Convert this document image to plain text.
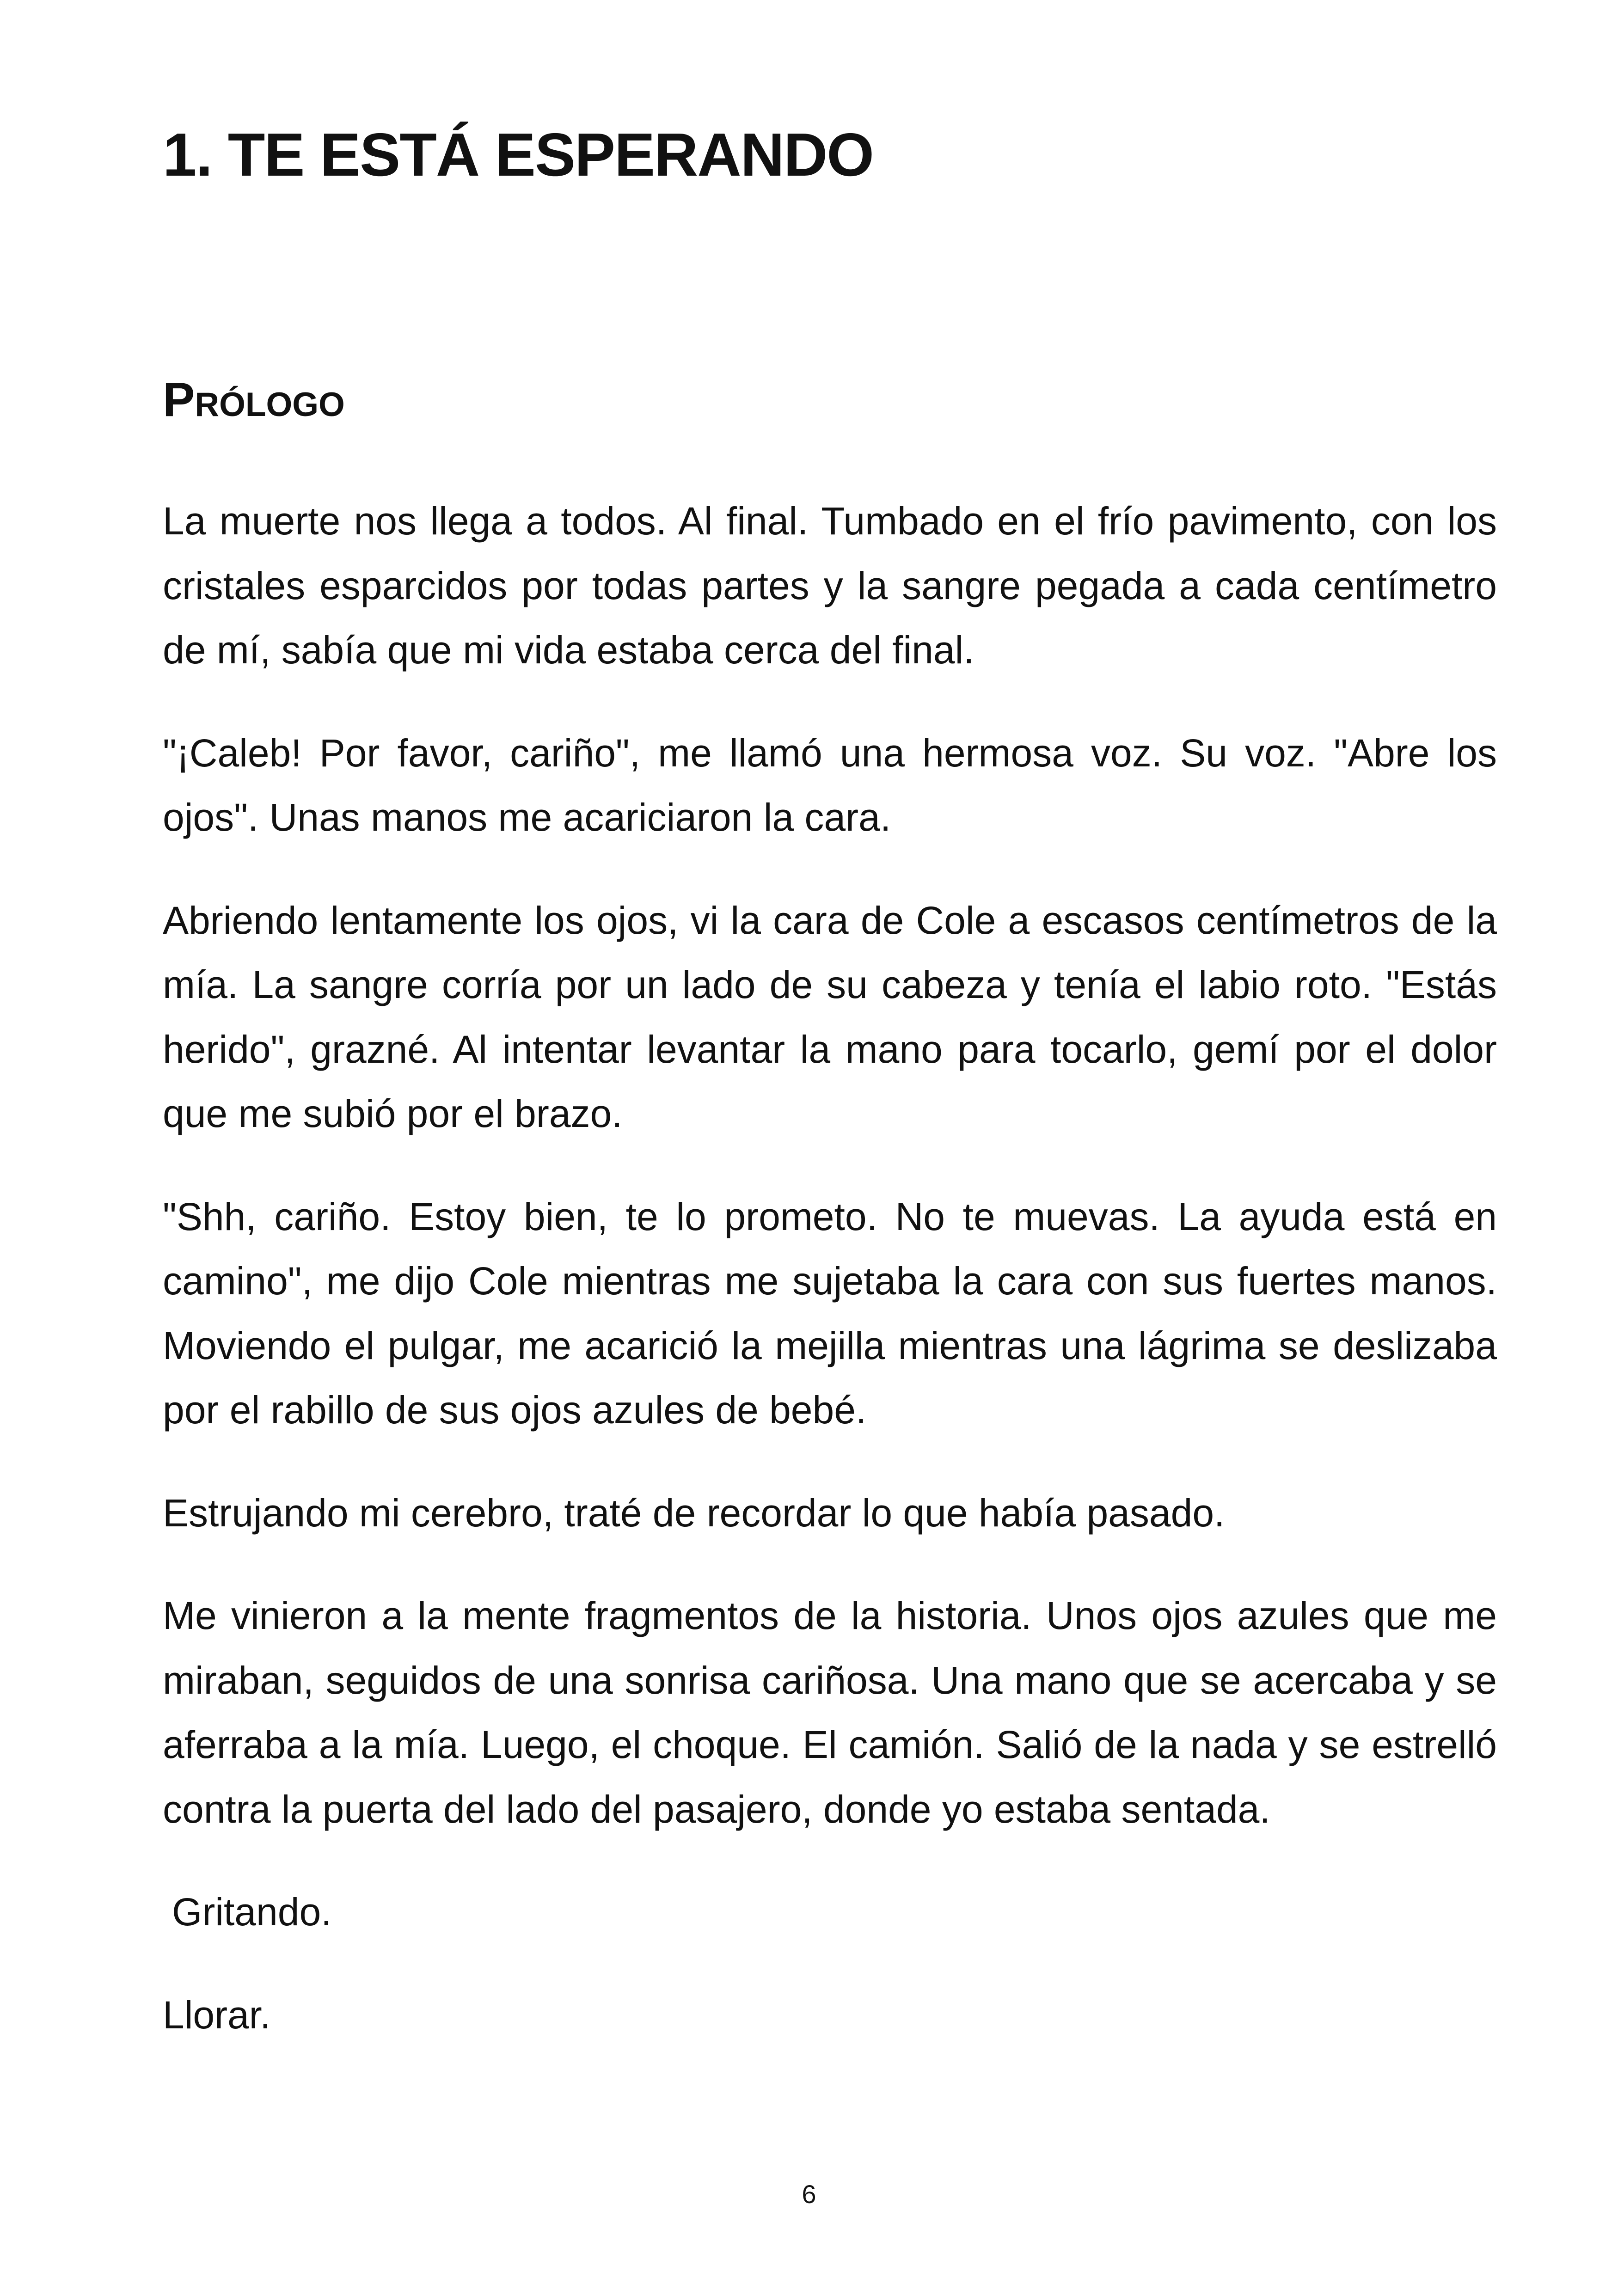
1. TE ESTÁ ESPERANDO
Prólogo

La muerte nos llega a todos. Al final. Tumbado en el frío pavimento, con los cristales esparcidos por todas partes y la sangre pegada a cada centímetro de mí, sabía que mi vida estaba cerca del final.

"¡Caleb! Por favor, cariño", me llamó una hermosa voz. Su voz. "Abre los ojos". Unas manos me acariciaron la cara.

Abriendo lentamente los ojos, vi la cara de Cole a escasos centímetros de la mía. La sangre corría por un lado de su cabeza y tenía el labio roto. "Estás herido", grazné. Al intentar levantar la mano para tocarlo, gemí por el dolor que me subió por el brazo.

"Shh, cariño. Estoy bien, te lo prometo. No te muevas. La ayuda está en camino", me dijo Cole mientras me sujetaba la cara con sus fuertes manos. Moviendo el pulgar, me acarició la mejilla mientras una lágrima se deslizaba por el rabillo de sus ojos azules de bebé.

Estrujando mi cerebro, traté de recordar lo que había pasado.

Me vinieron a la mente fragmentos de la historia. Unos ojos azules que me miraban, seguidos de una sonrisa cariñosa. Una mano que se acercaba y se aferraba a la mía. Luego, el choque. El camión. Salió de la nada y se estrelló contra la puerta del lado del pasajero, donde yo estaba sentada.

Gritando.

Llorar.

6
